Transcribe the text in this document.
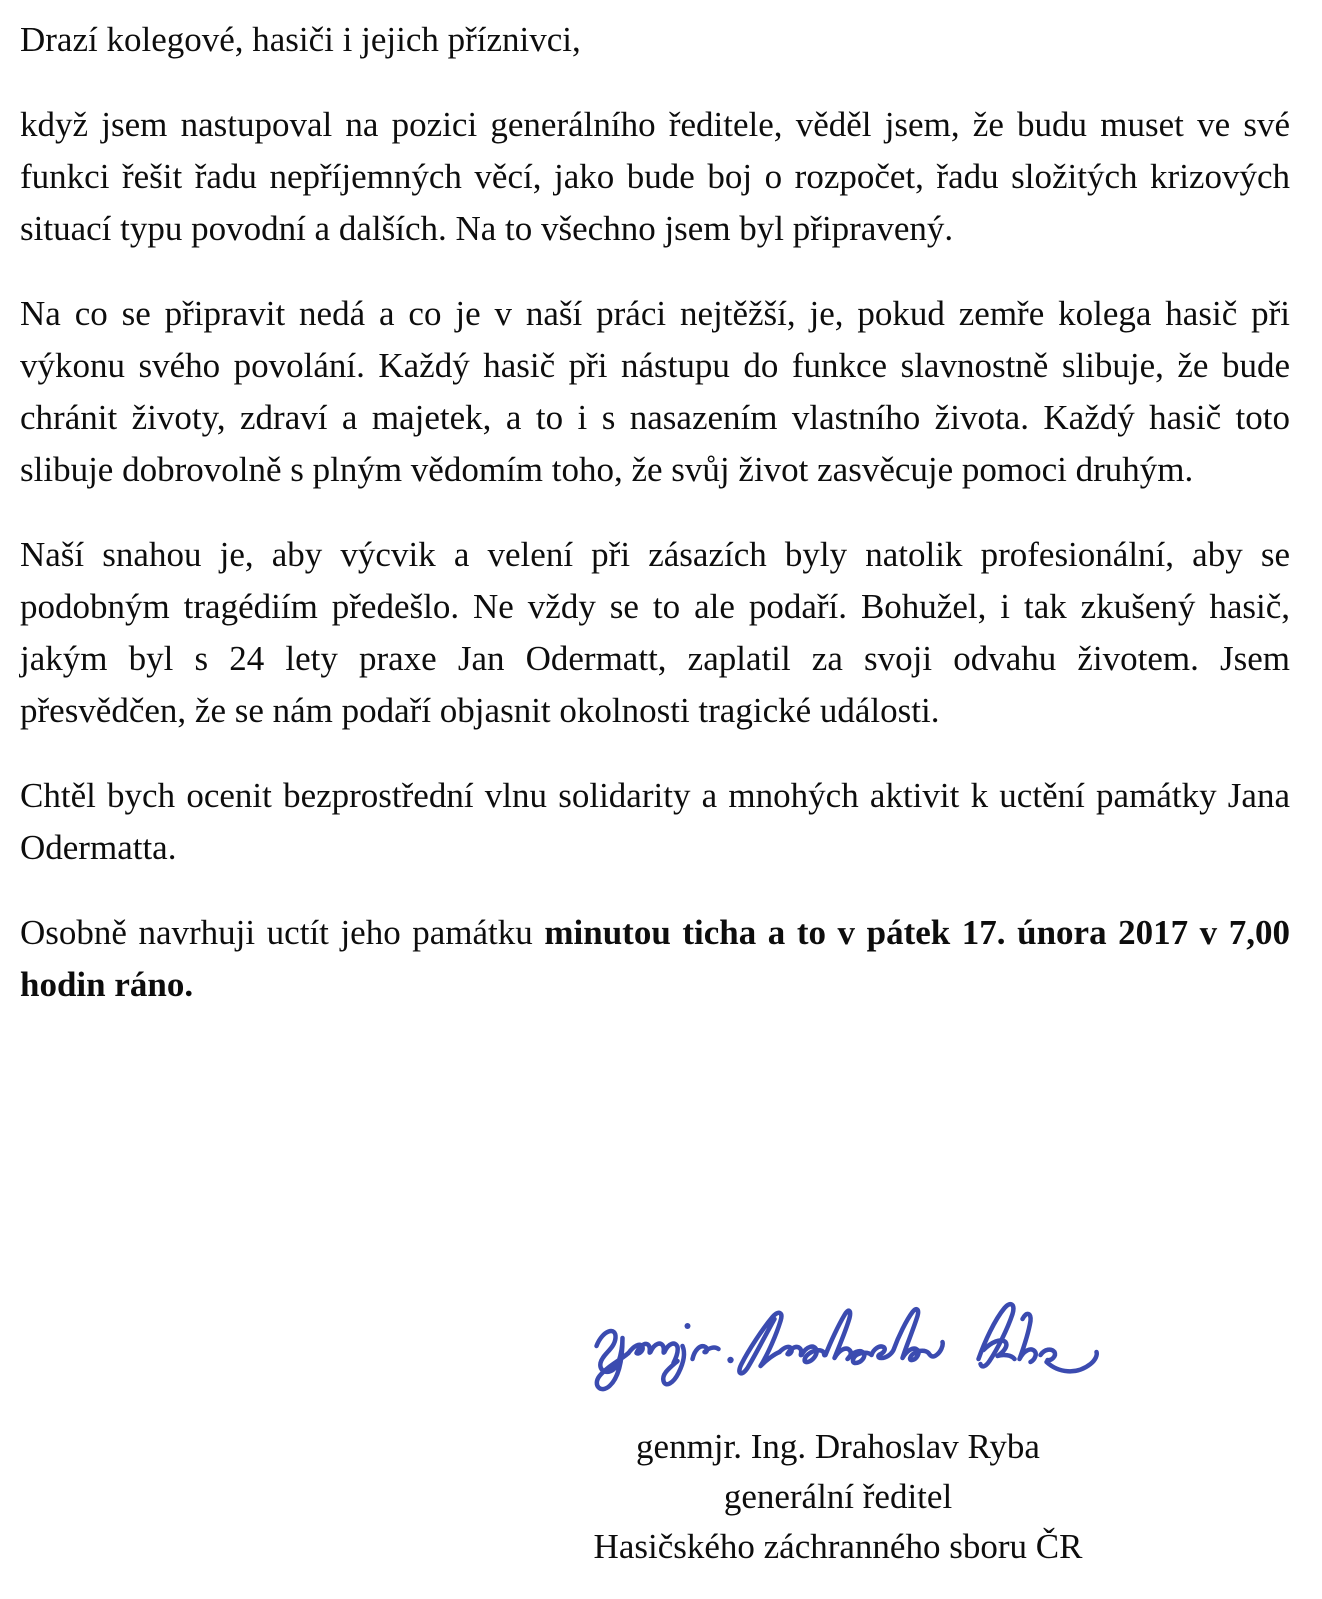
Drazí kolegové, hasiči i jejich příznivci,

když jsem nastupoval na pozici generálního ředitele, věděl jsem, že budu muset ve své funkci řešit řadu nepříjemných věcí, jako bude boj o rozpočet, řadu složitých krizových situací typu povodní a dalších. Na to všechno jsem byl připravený.

Na co se připravit nedá a co je v naší práci nejtěžší, je, pokud zemře kolega hasič při výkonu svého povolání. Každý hasič při nástupu do funkce slavnostně slibuje, že bude chránit životy, zdraví a majetek, a to i s nasazením vlastního života. Každý hasič toto slibuje dobrovolně s plným vědomím toho, že svůj život zasvěcuje pomoci druhým.

Naší snahou je, aby výcvik a velení při zásazích byly natolik profesionální, aby se podobným tragédiím předešlo. Ne vždy se to ale podaří. Bohužel, i tak zkušený hasič, jakým byl s 24 lety praxe Jan Odermatt, zaplatil za svoji odvahu životem. Jsem přesvědčen, že se nám podaří objasnit okolnosti tragické události.

Chtěl bych ocenit bezprostřední vlnu solidarity a mnohých aktivit k uctění památky Jana Odermatta.

Osobně navrhuji uctít jeho památku minutou ticha a to v pátek 17. února 2017 v 7,00 hodin ráno.

genmjr. Ing. Drahoslav Ryba
generální ředitel
Hasičského záchranného sboru ČR
